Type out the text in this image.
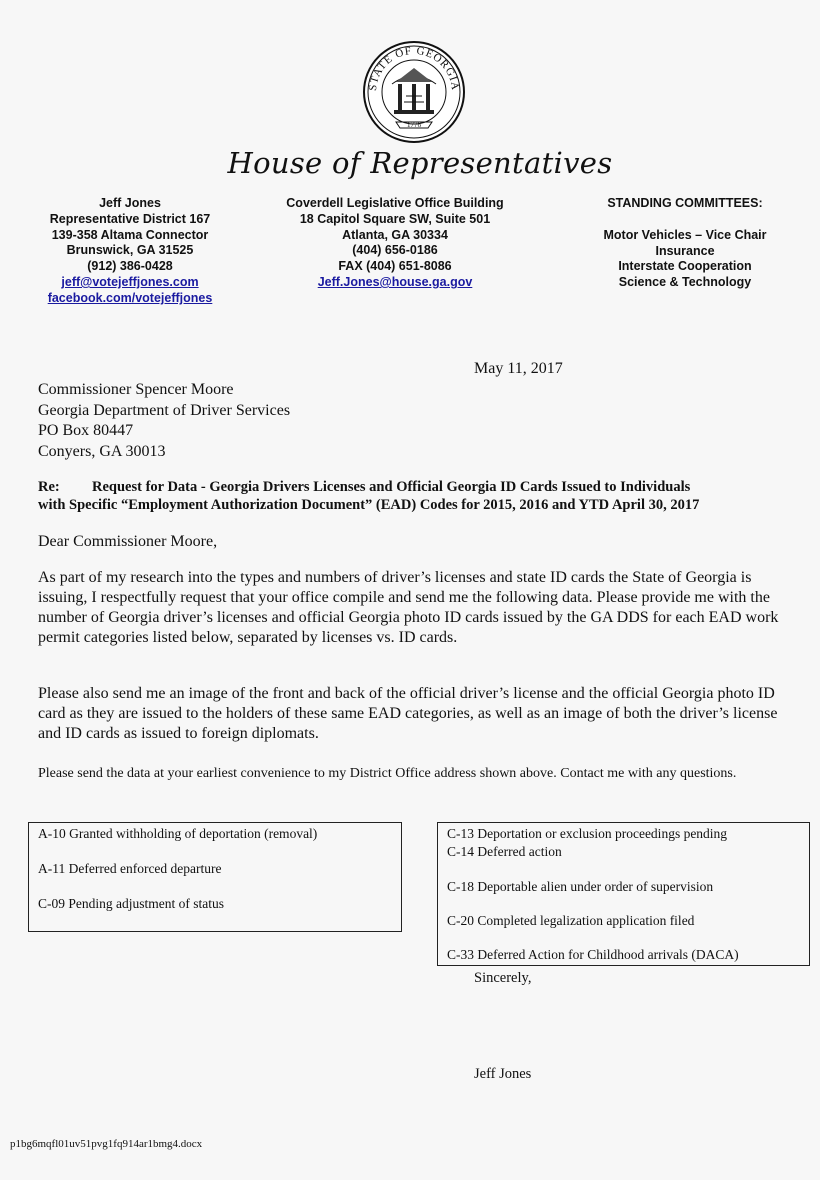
STATE OF GEORGIA
1776
House of Representatives
Jeff Jones
Representative District 167
139-358 Altama Connector
Brunswick, GA 31525
(912) 386-0428
jeff@votejeffjones.com
facebook.com/votejeffjones
Coverdell Legislative Office Building
18 Capitol Square SW, Suite 501
Atlanta, GA 30334
(404) 656-0186
FAX (404) 651-8086
Jeff.Jones@house.ga.gov
STANDING COMMITTEES:
Motor Vehicles – Vice Chair
Insurance
Interstate Cooperation
Science & Technology
May 11, 2017
Commissioner Spencer Moore
Georgia Department of Driver Services
PO Box 80447
Conyers, GA 30013
Re: Request for Data - Georgia Drivers Licenses and Official Georgia ID Cards Issued to Individuals
with Specific “Employment Authorization Document” (EAD) Codes for 2015, 2016 and YTD April 30, 2017
Dear Commissioner Moore,
As part of my research into the types and numbers of driver’s licenses and state ID cards the State of Georgia is issuing, I respectfully request that your office compile and send me the following data. Please provide me with the number of Georgia driver’s licenses and official Georgia photo ID cards issued by the GA DDS for each EAD work permit categories listed below, separated by licenses vs. ID cards.
Please also send me an image of the front and back of the official driver’s license and the official Georgia photo ID card as they are issued to the holders of these same EAD categories, as well as an image of both the driver’s license and ID cards as issued to foreign diplomats.
Please send the data at your earliest convenience to my District Office address shown above. Contact me with any questions.
A-10 Granted withholding of deportation (removal)
A-11 Deferred enforced departure
C-09 Pending adjustment of status
C-13 Deportation or exclusion proceedings pending
C-14 Deferred action
C-18 Deportable alien under order of supervision
C-20 Completed legalization application filed
C-33 Deferred Action for Childhood arrivals (DACA)
Sincerely,
Jeff Jones
p1bg6mqfl01uv51pvg1fq914ar1bmg4.docx
